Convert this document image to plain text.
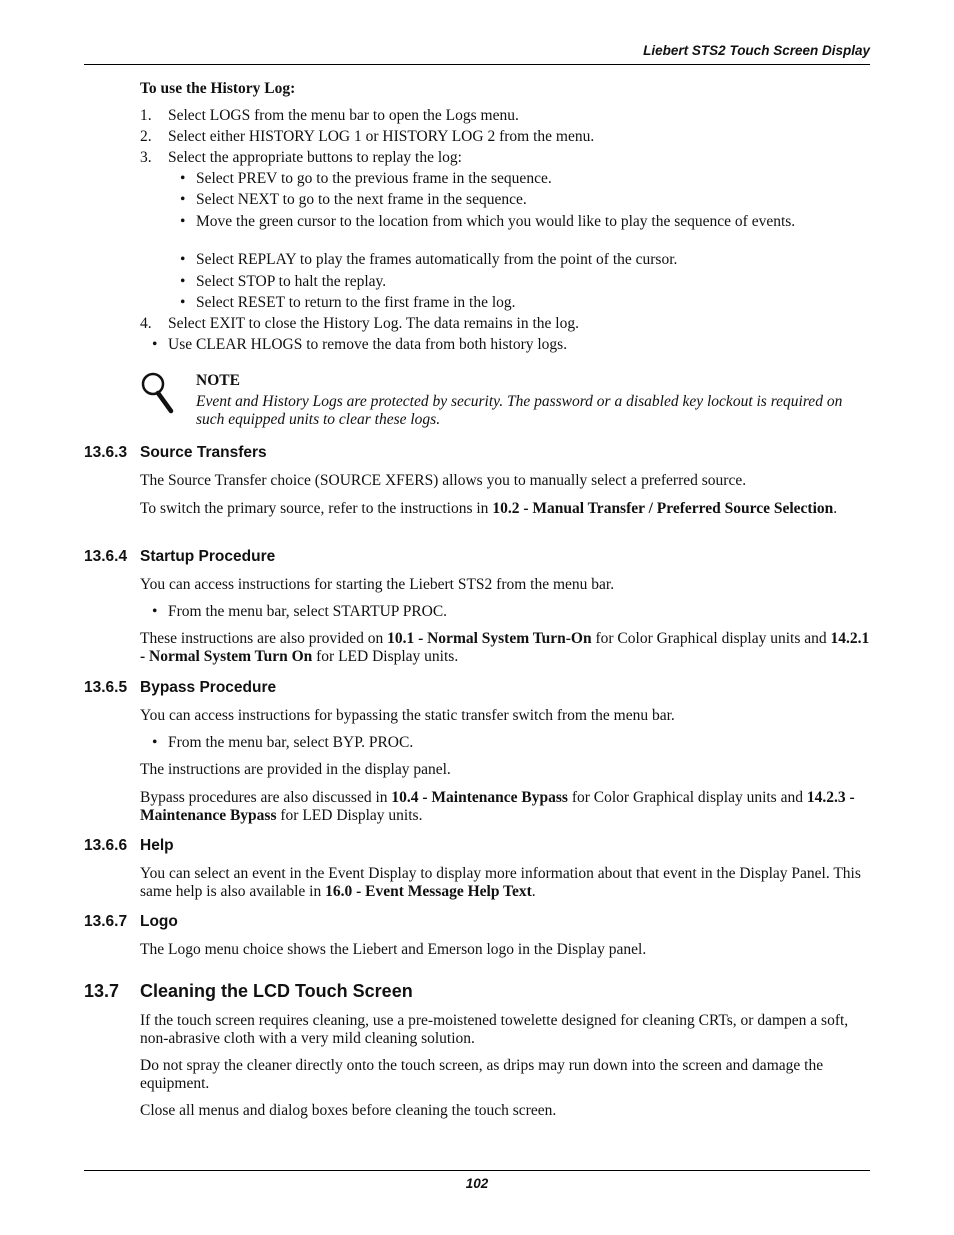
Liebert STS2 Touch Screen Display
To use the History Log:
1. Select LOGS from the menu bar to open the Logs menu.
2. Select either HISTORY LOG 1 or HISTORY LOG 2 from the menu.
3. Select the appropriate buttons to replay the log:
• Select PREV to go to the previous frame in the sequence.
• Select NEXT to go to the next frame in the sequence.
• Move the green cursor to the location from which you would like to play the sequence of events.
• Select REPLAY to play the frames automatically from the point of the cursor.
• Select STOP to halt the replay.
• Select RESET to return to the first frame in the log.
4. Select EXIT to close the History Log. The data remains in the log.
• Use CLEAR HLOGS to remove the data from both history logs.
NOTE
Event and History Logs are protected by security. The password or a disabled key lockout is required on such equipped units to clear these logs.
13.6.3 Source Transfers

The Source Transfer choice (SOURCE XFERS) allows you to manually select a preferred source.

To switch the primary source, refer to the instructions in 10.2 - Manual Transfer / Preferred Source Selection.

13.6.4 Startup Procedure

You can access instructions for starting the Liebert STS2 from the menu bar.

• From the menu bar, select STARTUP PROC.

These instructions are also provided on 10.1 - Normal System Turn-On for Color Graphical display units and 14.2.1 - Normal System Turn On for LED Display units.

13.6.5 Bypass Procedure

You can access instructions for bypassing the static transfer switch from the menu bar.

• From the menu bar, select BYP. PROC.

The instructions are provided in the display panel.

Bypass procedures are also discussed in 10.4 - Maintenance Bypass for Color Graphical display units and 14.2.3 - Maintenance Bypass for LED Display units.

13.6.6 Help

You can select an event in the Event Display to display more information about that event in the Display Panel. This same help is also available in 16.0 - Event Message Help Text.

13.6.7 Logo

The Logo menu choice shows the Liebert and Emerson logo in the Display panel.

13.7 Cleaning the LCD Touch Screen

If the touch screen requires cleaning, use a pre-moistened towelette designed for cleaning CRTs, or dampen a soft, non-abrasive cloth with a very mild cleaning solution.

Do not spray the cleaner directly onto the touch screen, as drips may run down into the screen and damage the equipment.

Close all menus and dialog boxes before cleaning the touch screen.

102
